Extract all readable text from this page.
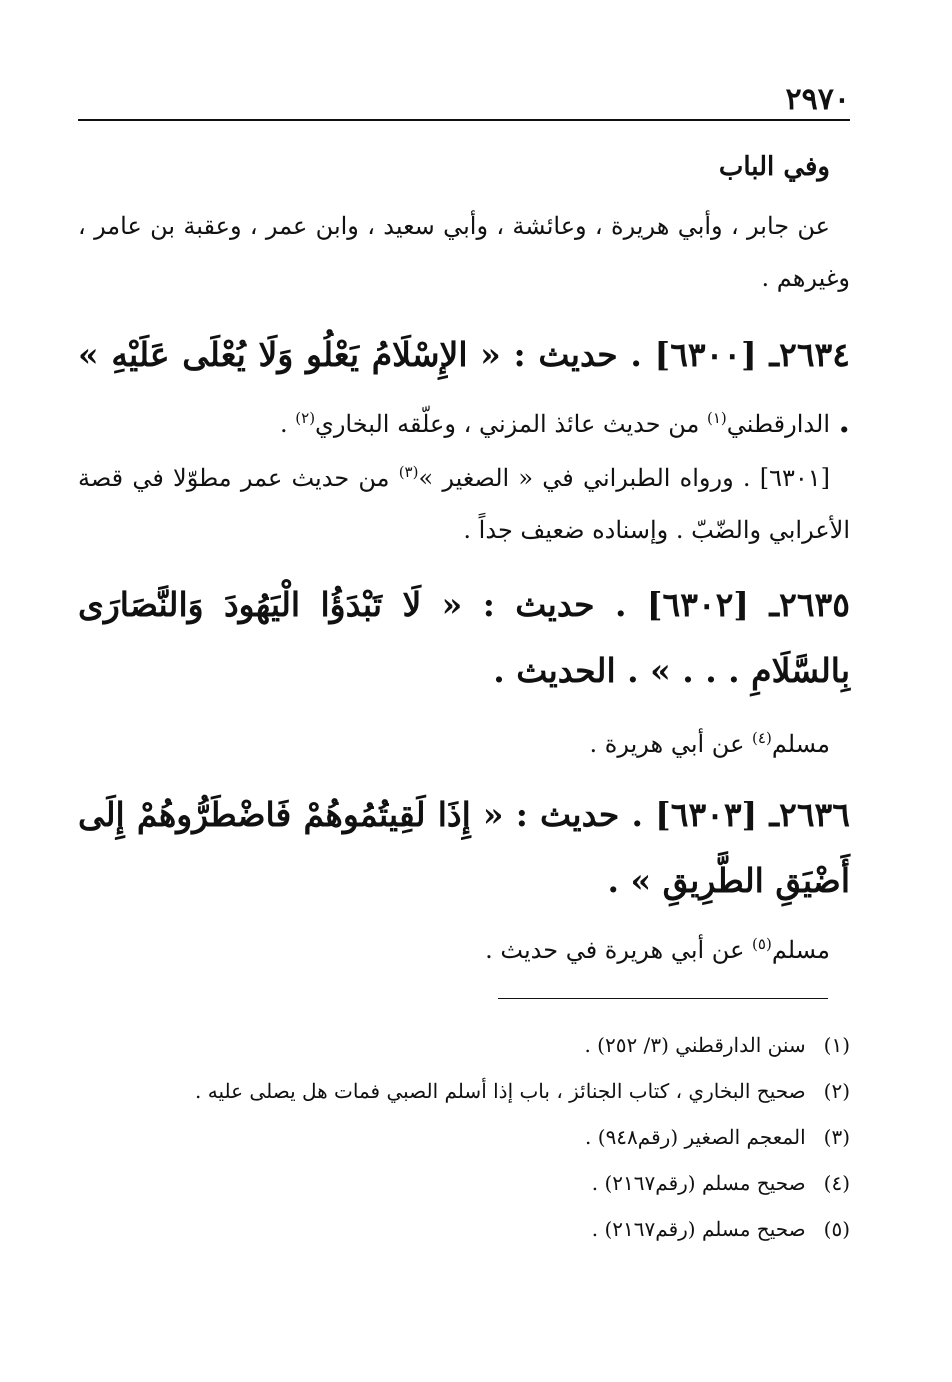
٢٩٧٠
وفي الباب
عن جابر ، وأبي هريرة ، وعائشة ، وأبي سعيد ، وابن عمر ، وعقبة بن عامر ، وغيرهم .
٢٦٣٤ـ [٦٣٠٠] . حديث : « الإِسْلَامُ يَعْلُو وَلَا يُعْلَى عَلَيْهِ » .
الدارقطني$^{(١)}$ من حديث عائذ المزني ، وعلّقه البخاري$^{(٢)}$ .
[٦٣٠١] . ورواه الطبراني في « الصغير »$^{(٣)}$ من حديث عمر مطوّلا في قصة الأعرابي والضّبّ . وإسناده ضعيف جداً .
٢٦٣٥ـ [٦٣٠٢] . حديث : « لَا تَبْدَؤُا الْيَهُودَ وَالنَّصَارَى بِالسَّلَامِ . . . » . الحديث .
مسلم$^{(٤)}$ عن أبي هريرة .
٢٦٣٦ـ [٦٣٠٣] . حديث : « إِذَا لَقِيتُمُوهُمْ فَاضْطَرُّوهُمْ إِلَى أَضْيَقِ الطَّرِيقِ » .
مسلم$^{(٥)}$ عن أبي هريرة في حديث .
(١) سنن الدارقطني (٣/ ٢٥٢) .
(٢) صحيح البخاري ، كتاب الجنائز ، باب إذا أسلم الصبي فمات هل يصلى عليه .
(٣) المعجم الصغير (رقم٩٤٨) .
(٤) صحيح مسلم (رقم٢١٦٧) .
(٥) صحيح مسلم (رقم٢١٦٧) .
